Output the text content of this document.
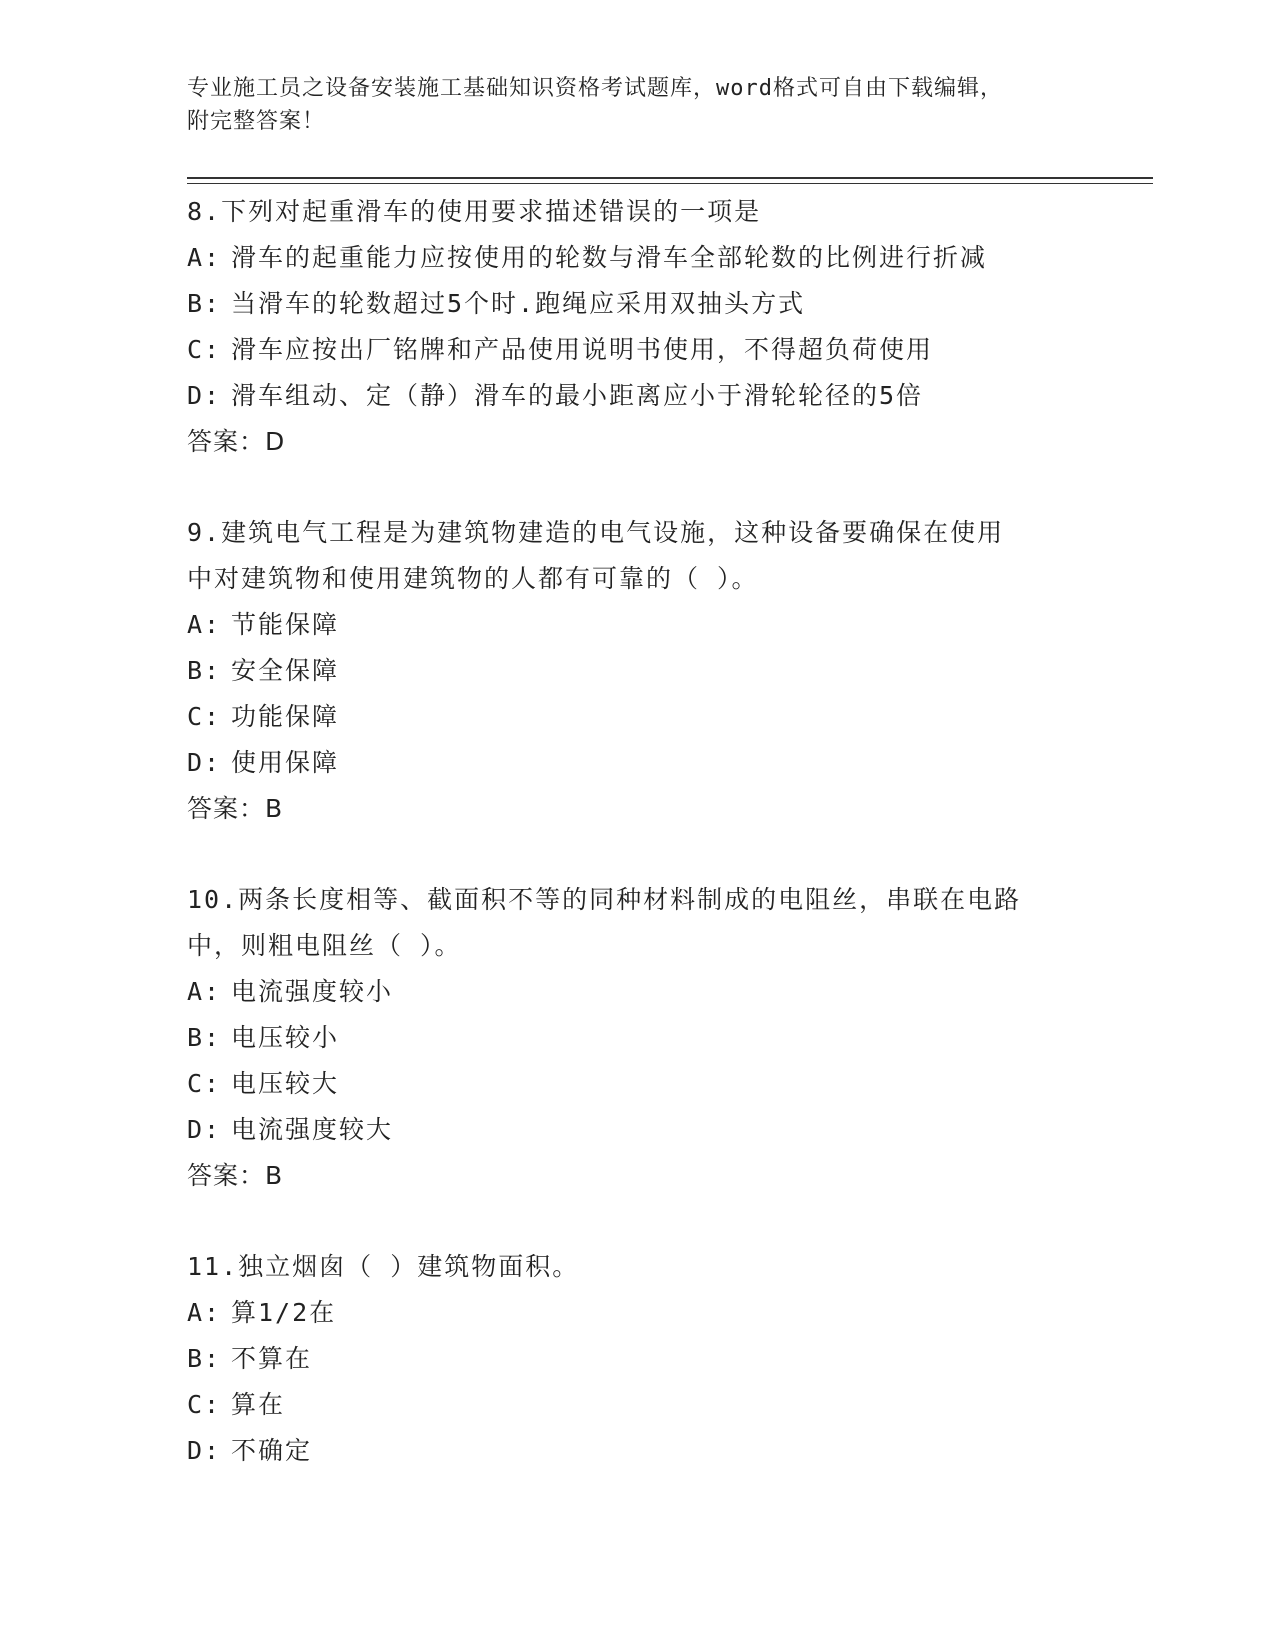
专业施工员之设备安装施工基础知识资格考试题库，word格式可自由下载编辑，
附完整答案！
8.下列对起重滑车的使用要求描述错误的一项是
A: 滑车的起重能力应按使用的轮数与滑车全部轮数的比例进行折减
B: 当滑车的轮数超过5个时.跑绳应采用双抽头方式
C: 滑车应按出厂铭牌和产品使用说明书使用，不得超负荷使用
D: 滑车组动、定（静）滑车的最小距离应小于滑轮轮径的5倍
答案：D
9.建筑电气工程是为建筑物建造的电气设施，这种设备要确保在使用
中对建筑物和使用建筑物的人都有可靠的（ ）。
A: 节能保障
B: 安全保障
C: 功能保障
D: 使用保障
答案：B
10.两条长度相等、截面积不等的同种材料制成的电阻丝，串联在电路
中，则粗电阻丝（ ）。
A: 电流强度较小
B: 电压较小
C: 电压较大
D: 电流强度较大
答案：B
11.独立烟囱（ ）建筑物面积。
A: 算1/2在
B: 不算在
C: 算在
D: 不确定
